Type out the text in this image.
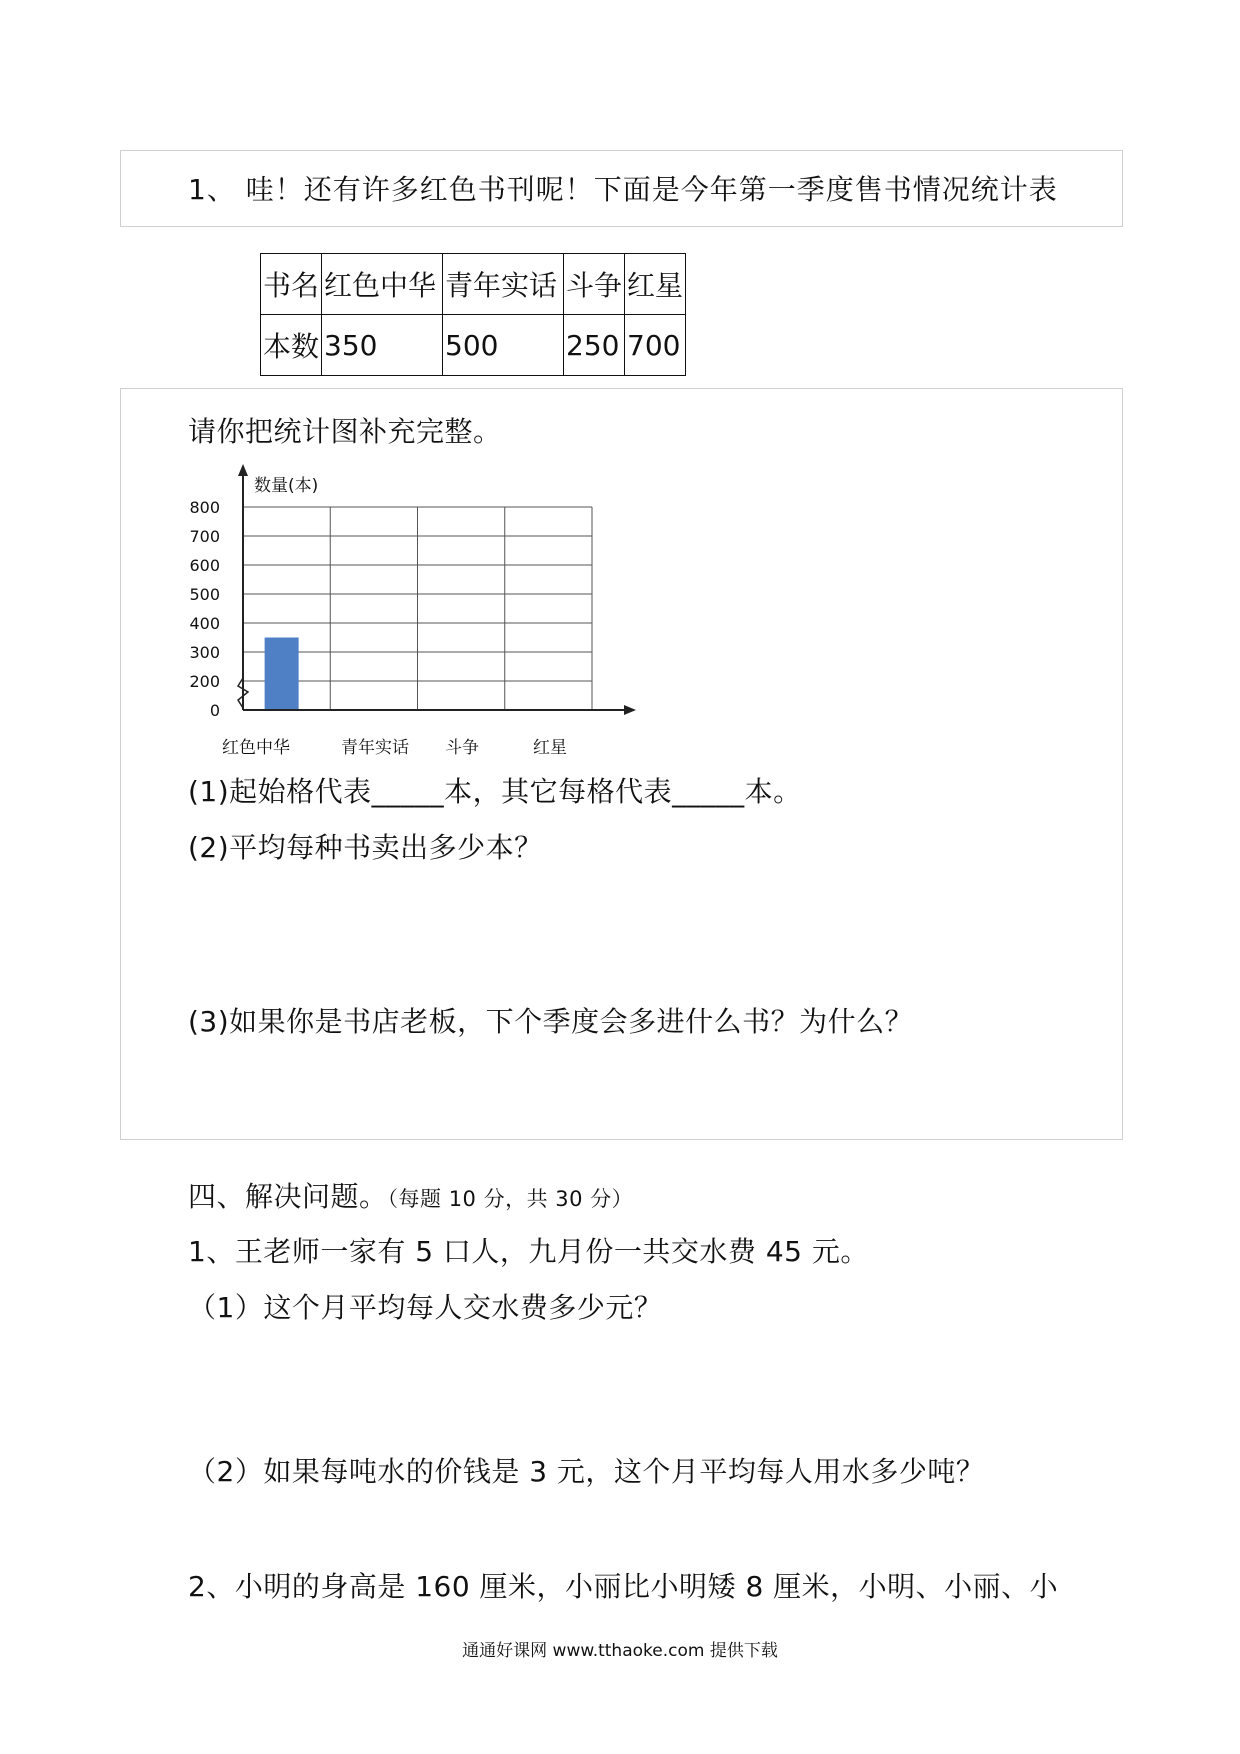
1、 哇！还有许多红色书刊呢！下面是今年第一季度售书情况统计表
书名	红色中华	青年实话	斗争	红星
本数	350	500	250	700
请你把统计图补充完整。
0
200
300
400
500
600
700
800
红色中华	青年实话 斗争	红星
数量(本)
(1)起始格代表_____本，其它每格代表_____本。
(2)平均每种书卖出多少本？
(3)如果你是书店老板，下个季度会多进什么书？为什么？
四、解决问题。（每题 10 分，共 30 分）
1、王老师一家有 5 口人，九月份一共交水费 45 元。
（1）这个月平均每人交水费多少元？
（2）如果每吨水的价钱是 3 元，这个月平均每人用水多少吨？
2、小明的身高是 160 厘米，小丽比小明矮 8 厘米，小明、小丽、小
通通好课网 www.tthaoke.com 提供下载
